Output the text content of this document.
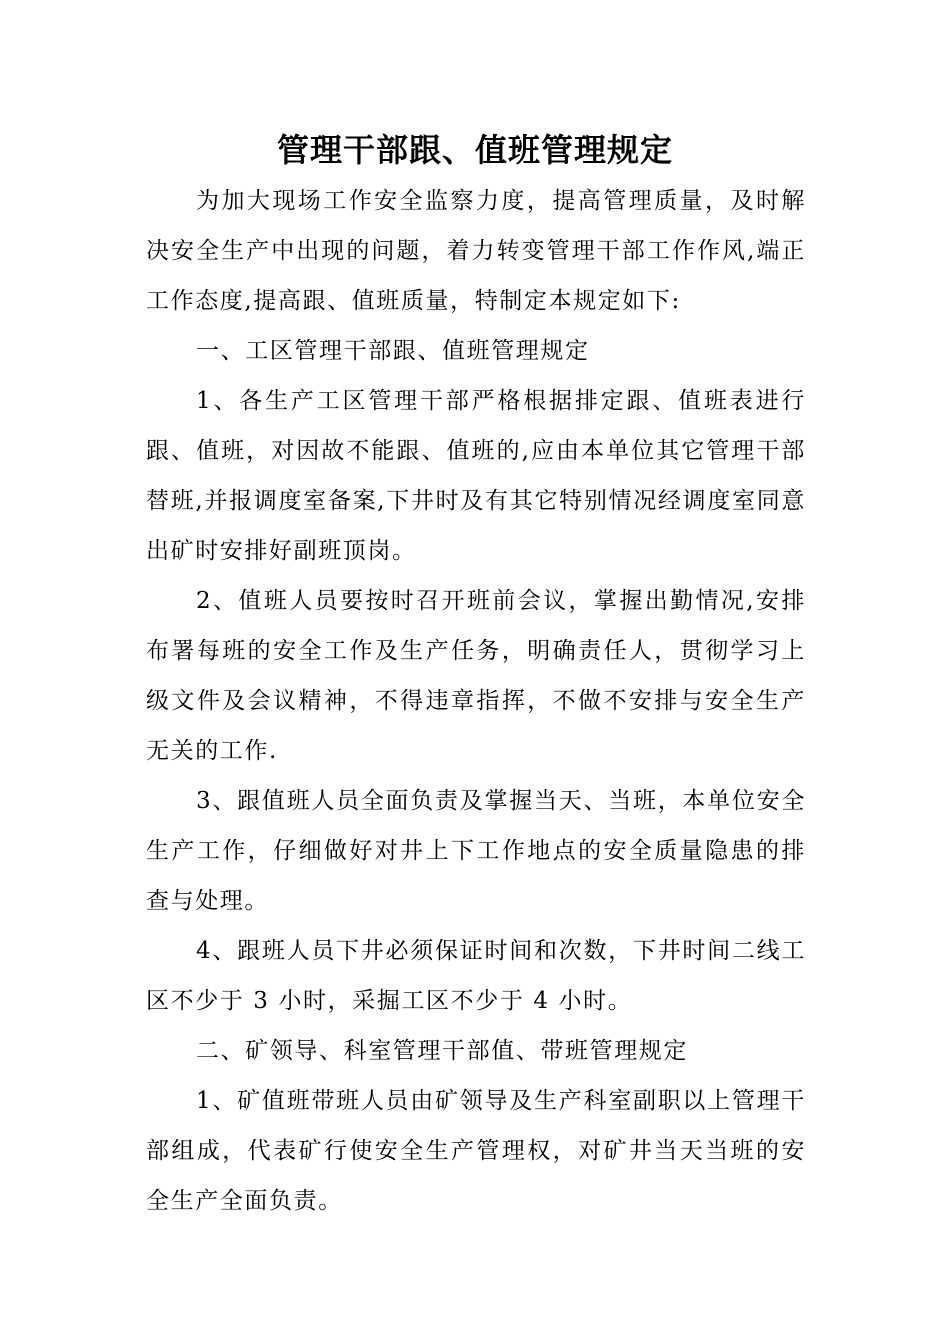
管理干部跟、值班管理规定

为加大现场工作安全监察力度，提高管理质量，及时解决安全生产中出现的问题，着力转变管理干部工作作风,端正工作态度,提高跟、值班质量，特制定本规定如下:

一、工区管理干部跟、值班管理规定

1、各生产工区管理干部严格根据排定跟、值班表进行跟、值班，对因故不能跟、值班的,应由本单位其它管理干部替班,并报调度室备案,下井时及有其它特别情况经调度室同意出矿时安排好副班顶岗。

2、值班人员要按时召开班前会议，掌握出勤情况,安排布署每班的安全工作及生产任务，明确责任人，贯彻学习上级文件及会议精神，不得违章指挥，不做不安排与安全生产无关的工作.

3、跟值班人员全面负责及掌握当天、当班，本单位安全生产工作，仔细做好对井上下工作地点的安全质量隐患的排查与处理。

4、跟班人员下井必须保证时间和次数，下井时间二线工区不少于 3 小时，采掘工区不少于 4 小时。

二、矿领导、科室管理干部值、带班管理规定

1、矿值班带班人员由矿领导及生产科室副职以上管理干部组成，代表矿行使安全生产管理权，对矿井当天当班的安全生产全面负责。
